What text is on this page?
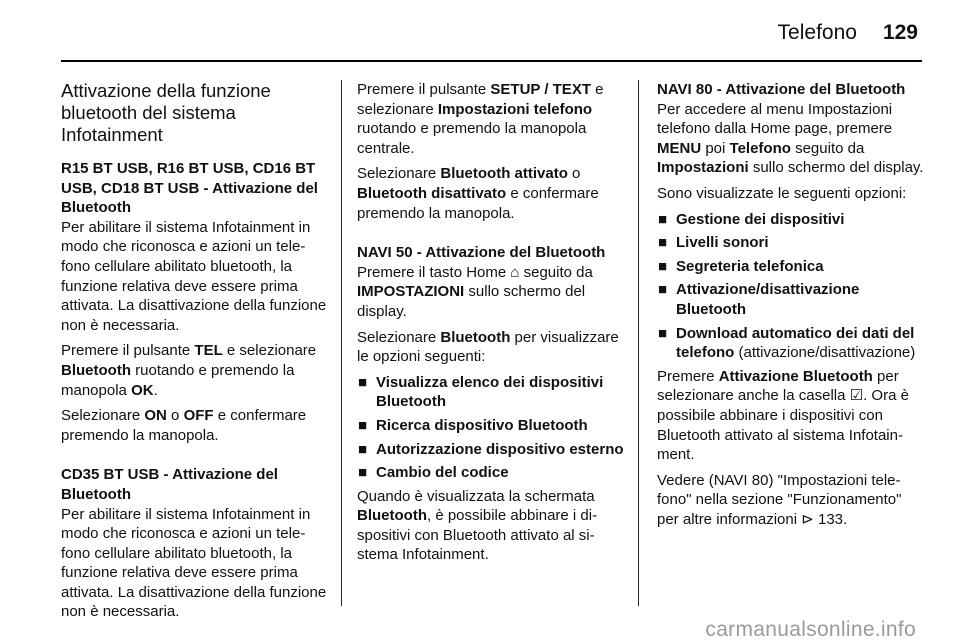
Telefono 129
Attivazione della funzione bluetooth del sistema Infotainment
R15 BT USB, R16 BT USB, CD16 BT USB, CD18 BT USB - Attivazione del Bluetooth

Per abilitare il sistema Infotainment in modo che riconosca e azioni un telefono cellulare abilitato bluetooth, la funzione relativa deve essere prima attivata. La disattivazione della funzione non è necessaria.

Premere il pulsante TEL e selezionare Bluetooth ruotando e premendo la manopola OK.

Selezionare ON o OFF e confermare premendo la manopola.

CD35 BT USB - Attivazione del Bluetooth

Per abilitare il sistema Infotainment in modo che riconosca e azioni un telefono cellulare abilitato bluetooth, la funzione relativa deve essere prima attivata. La disattivazione della funzione non è necessaria.

Premere il pulsante SETUP / TEXT e selezionare Impostazioni telefono ruotando e premendo la manopola centrale.

Selezionare Bluetooth attivato o Bluetooth disattivato e confermare premendo la manopola.

NAVI 50 - Attivazione del Bluetooth

Premere il tasto Home ⌂ seguito da IMPOSTAZIONI sullo schermo del display.

Selezionare Bluetooth per visualizzare le opzioni seguenti:

■ Visualizza elenco dei dispositivi Bluetooth
■ Ricerca dispositivo Bluetooth
■ Autorizzazione dispositivo esterno
■ Cambio del codice

Quando è visualizzata la schermata Bluetooth, è possibile abbinare i dispositivi con Bluetooth attivato al sistema Infotainment.

NAVI 80 - Attivazione del Bluetooth

Per accedere al menu Impostazioni telefono dalla Home page, premere MENU poi Telefono seguito da Impostazioni sullo schermo del display.

Sono visualizzate le seguenti opzioni:

■ Gestione dei dispositivi
■ Livelli sonori
■ Segreteria telefonica
■ Attivazione/disattivazione Bluetooth
■ Download automatico dei dati del telefono (attivazione/disattivazione)

Premere Attivazione Bluetooth per selezionare anche la casella ☑. Ora è possibile abbinare i dispositivi con Bluetooth attivato al sistema Infotainment.

Vedere (NAVI 80) "Impostazioni telefono" nella sezione "Funzionamento" per altre informazioni ⊳ 133.

carmanualsonline.info
